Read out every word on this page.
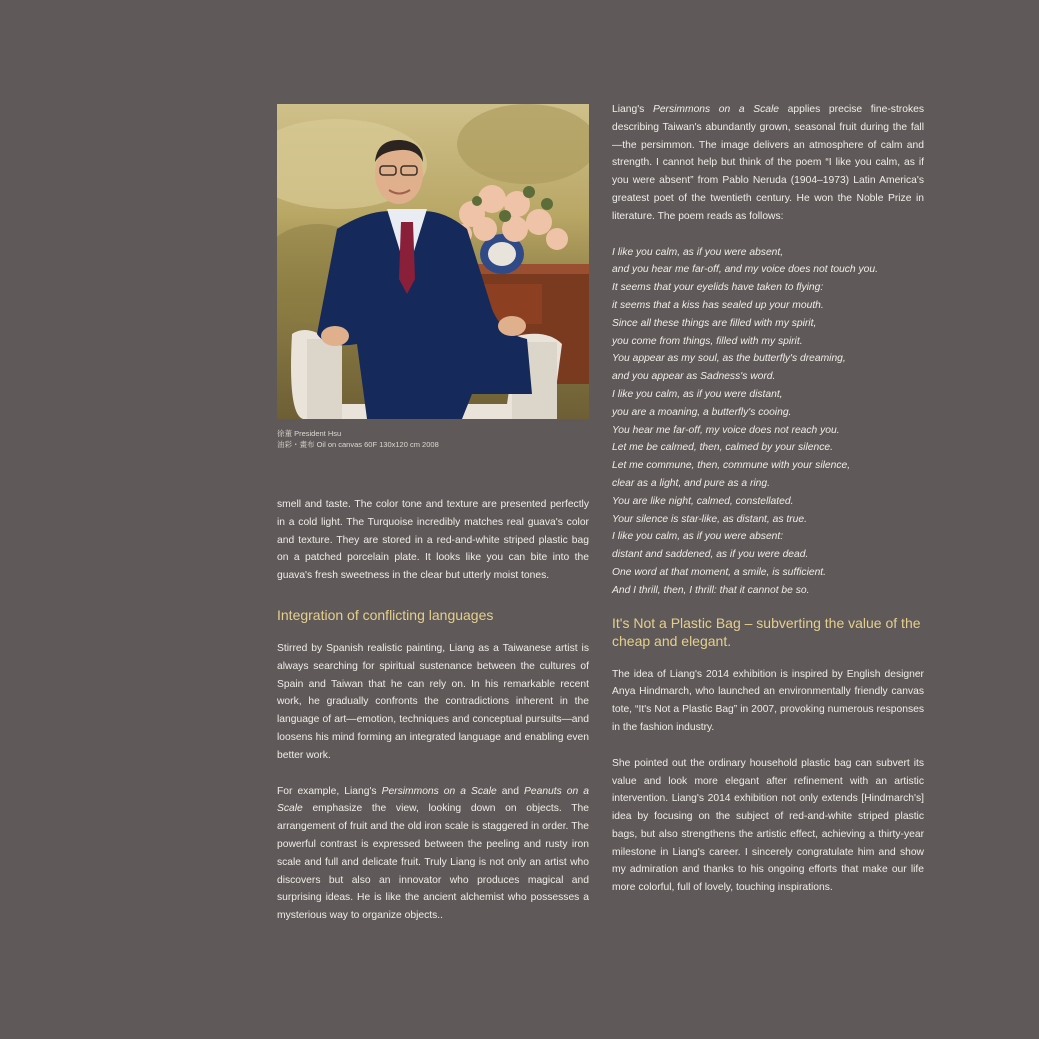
徐董 President Hsu
油彩・畫布 Oil on canvas 60F 130x120 cm 2008

smell and taste. The color tone and texture are presented perfectly in a cold light. The Turquoise incredibly matches real guava's color and texture. They are stored in a red-and-white striped plastic bag on a patched porcelain plate. It looks like you can bite into the guava's fresh sweetness in the clear but utterly moist tones.

Integration of conflicting languages

Stirred by Spanish realistic painting, Liang as a Taiwanese artist is always searching for spiritual sustenance between the cultures of Spain and Taiwan that he can rely on. In his remarkable recent work, he gradually confronts the contradictions inherent in the language of art—emotion, techniques and conceptual pursuits—and loosens his mind forming an integrated language and enabling even better work.

For example, Liang's Persimmons on a Scale and Peanuts on a Scale emphasize the view, looking down on objects. The arrangement of fruit and the old iron scale is staggered in order. The powerful contrast is expressed between the peeling and rusty iron scale and full and delicate fruit. Truly Liang is not only an artist who discovers but also an innovator who produces magical and surprising ideas. He is like the ancient alchemist who possesses a mysterious way to organize objects..

Liang's Persimmons on a Scale applies precise fine-strokes describing Taiwan's abundantly grown, seasonal fruit during the fall—the persimmon. The image delivers an atmosphere of calm and strength. I cannot help but think of the poem “I like you calm, as if you were absent” from Pablo Neruda (1904–1973) Latin America's greatest poet of the twentieth century. He won the Noble Prize in literature. The poem reads as follows:

I like you calm, as if you were absent,
and you hear me far-off, and my voice does not touch you.
It seems that your eyelids have taken to flying:
it seems that a kiss has sealed up your mouth.
Since all these things are filled with my spirit,
you come from things, filled with my spirit.
You appear as my soul, as the butterfly's dreaming,
and you appear as Sadness's word.
I like you calm, as if you were distant,
you are a moaning, a butterfly's cooing.
You hear me far-off, my voice does not reach you.
Let me be calmed, then, calmed by your silence.
Let me commune, then, commune with your silence,
clear as a light, and pure as a ring.
You are like night, calmed, constellated.
Your silence is star-like, as distant, as true.
I like you calm, as if you were absent:
distant and saddened, as if you were dead.
One word at that moment, a smile, is sufficient.
And I thrill, then, I thrill: that it cannot be so.
It's Not a Plastic Bag – subverting the value of the cheap and elegant.

The idea of Liang's 2014 exhibition is inspired by English designer Anya Hindmarch, who launched an environmentally friendly canvas tote, “It's Not a Plastic Bag” in 2007, provoking numerous responses in the fashion industry.

She pointed out the ordinary household plastic bag can subvert its value and look more elegant after refinement with an artistic intervention. Liang's 2014 exhibition not only extends [Hindmarch's] idea by focusing on the subject of red-and-white striped plastic bags, but also strengthens the artistic effect, achieving a thirty-year milestone in Liang's career. I sincerely congratulate him and show my admiration and thanks to his ongoing efforts that make our life more colorful, full of lovely, touching inspirations.
